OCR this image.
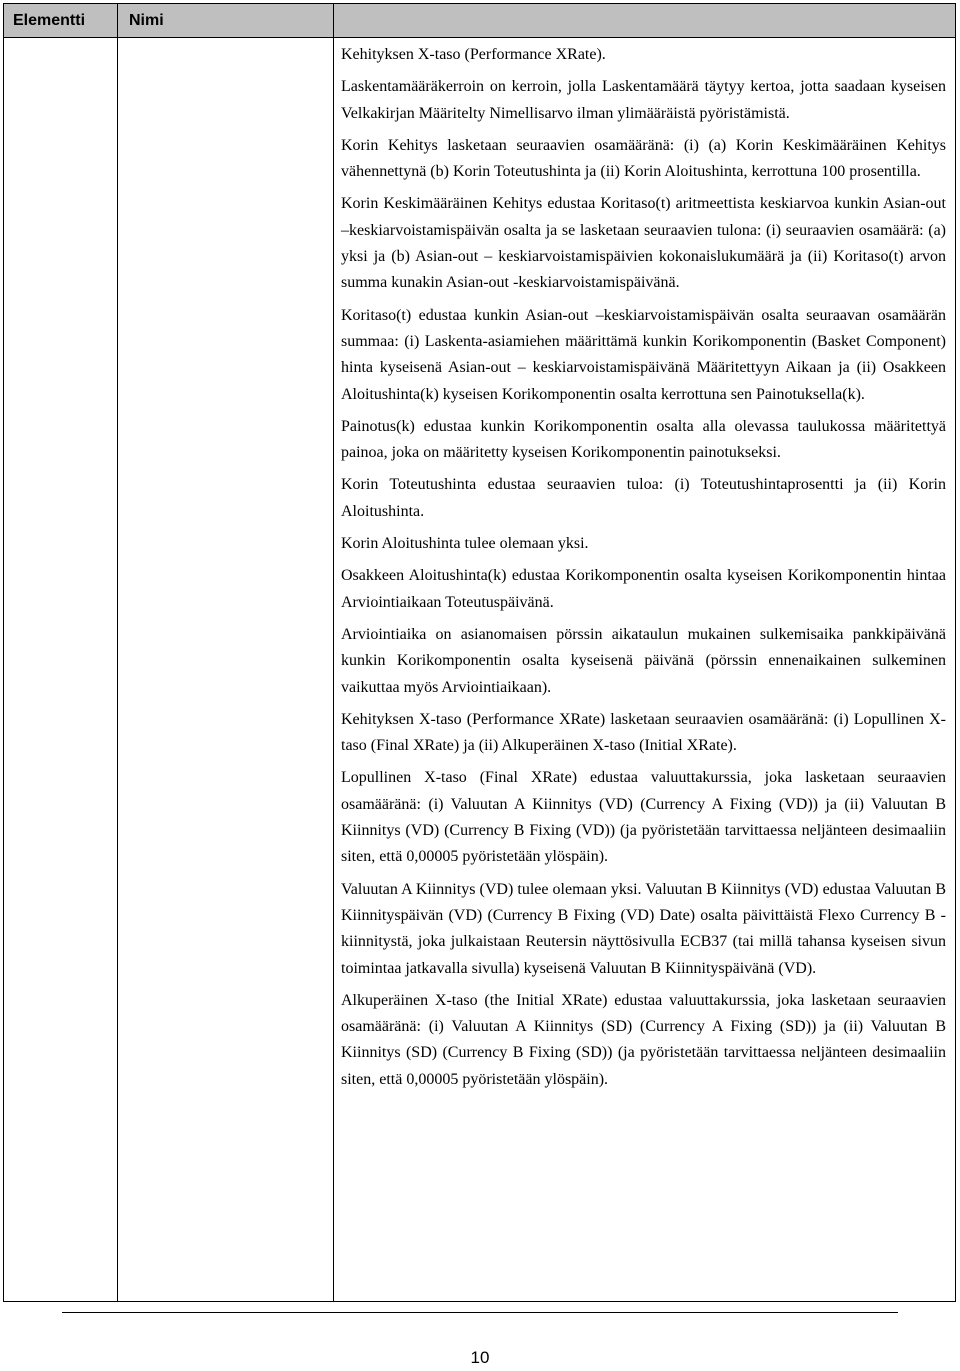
Elementti	Nimi

Kehityksen X-taso (Performance XRate).

Laskentamääräkerroin on kerroin, jolla Laskentamäärä täytyy kertoa, jotta saadaan kyseisen Velkakirjan Määritelty Nimellisarvo ilman ylimääräistä pyöristämistä.

Korin Kehitys lasketaan seuraavien osamääränä: (i) (a) Korin Keskimääräinen Kehitys vähennettynä (b) Korin Toteutushinta ja (ii) Korin Aloitushinta, kerrottuna 100 prosentilla.

Korin Keskimääräinen Kehitys edustaa Koritaso(t) aritmeettista keskiarvoa kunkin Asian-out –keskiarvoistamispäivän osalta ja se lasketaan seuraavien tulona: (i) seuraavien osamäärä: (a) yksi ja (b) Asian-out – keskiarvoistamispäivien kokonaislukumäärä ja (ii) Koritaso(t) arvon summa kunakin Asian-out -keskiarvoistamispäivänä.

Koritaso(t) edustaa kunkin Asian-out –keskiarvoistamispäivän osalta seuraavan osamäärän summaa: (i) Laskenta-asiamiehen määrittämä kunkin Korikomponentin (Basket Component) hinta kyseisenä Asian-out – keskiarvoistamispäivänä Määritettyyn Aikaan ja (ii) Osakkeen Aloitushinta(k) kyseisen Korikomponentin osalta kerrottuna sen Painotuksella(k).

Painotus(k) edustaa kunkin Korikomponentin osalta alla olevassa taulukossa määritettyä painoa, joka on määritetty kyseisen Korikomponentin painotukseksi.

Korin Toteutushinta edustaa seuraavien tuloa: (i) Toteutushintaprosentti ja (ii) Korin Aloitushinta.

Korin Aloitushinta tulee olemaan yksi.

Osakkeen Aloitushinta(k) edustaa Korikomponentin osalta kyseisen Korikomponentin hintaa Arviointiaikaan Toteutuspäivänä.

Arviointiaika on asianomaisen pörssin aikataulun mukainen sulkemisaika pankkipäivänä kunkin Korikomponentin osalta kyseisenä päivänä (pörssin ennenaikainen sulkeminen vaikuttaa myös Arviointiaikaan).

Kehityksen X-taso (Performance XRate) lasketaan seuraavien osamääränä: (i) Lopullinen X-taso (Final XRate) ja (ii) Alkuperäinen X-taso (Initial XRate).

Lopullinen X-taso (Final XRate) edustaa valuuttakurssia, joka lasketaan seuraavien osamääränä: (i) Valuutan A Kiinnitys (VD) (Currency A Fixing (VD)) ja (ii) Valuutan B Kiinnitys (VD) (Currency B Fixing (VD)) (ja pyöristetään tarvittaessa neljänteen desimaaliin siten, että 0,00005 pyöristetään ylöspäin).

Valuutan A Kiinnitys (VD) tulee olemaan yksi. Valuutan B Kiinnitys (VD) edustaa Valuutan B Kiinnityspäivän (VD) (Currency B Fixing (VD) Date) osalta päivittäistä Flexo Currency B -kiinnitystä, joka julkaistaan Reutersin näyttösivulla ECB37 (tai millä tahansa kyseisen sivun toimintaa jatkavalla sivulla) kyseisenä Valuutan B Kiinnityspäivänä (VD).

Alkuperäinen X-taso (the Initial XRate) edustaa valuuttakurssia, joka lasketaan seuraavien osamääränä: (i) Valuutan A Kiinnitys (SD) (Currency A Fixing (SD)) ja (ii) Valuutan B Kiinnitys (SD) (Currency B Fixing (SD)) (ja pyöristetään tarvittaessa neljänteen desimaaliin siten, että 0,00005 pyöristetään ylöspäin).

10
